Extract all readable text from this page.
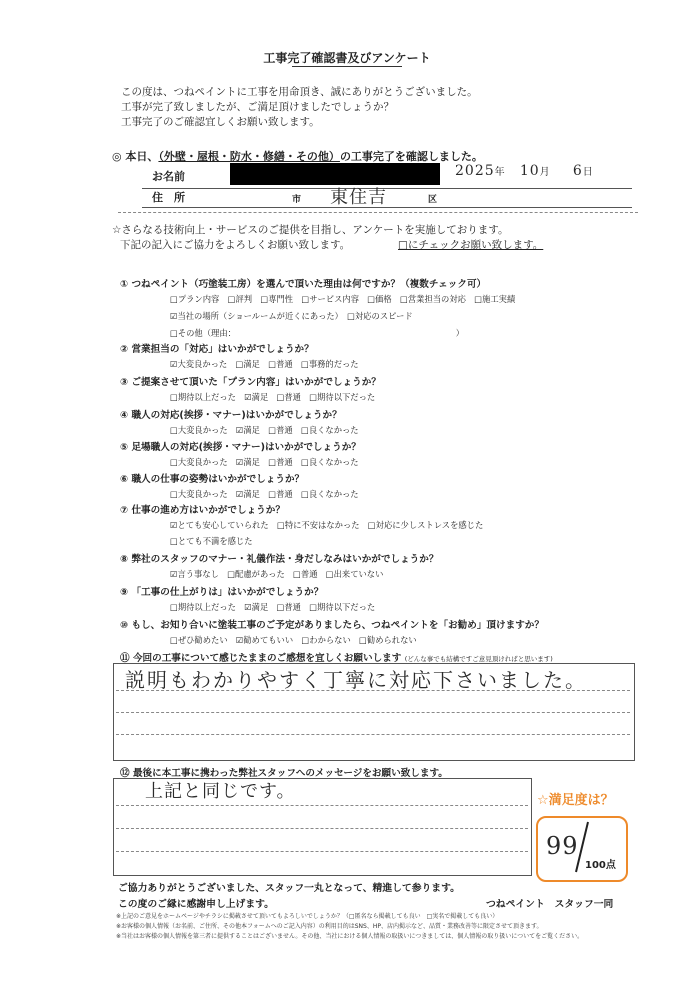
工事完了確認書及びアンケート
この度は、つねペイントに工事を用命頂き、誠にありがとうございました。
工事が完了致しましたが、ご満足頂けましたでしょうか？
工事完了のご確認宜しくお願い致します。
◎ 本日、（外壁・屋根・防水・修繕・その他）の工事完了を確認しました。
お名前
住　所	市 東住吉	区
2025年 10月 6日
☆さらなる技術向上・サービスのご提供を目指し、アンケートを実施しております。
下記の記入にご協力をよろしくお願い致します。	□にチェックお願い致します。
① つねペイント（巧塗装工房）を選んで頂いた理由は何ですか？（複数チェック可）
□プラン内容　□評判　□専門性　□サービス内容　□価格　□営業担当の対応　□施工実績
☑当社の場所（ショールームが近くにあった）　□対応のスピード
□その他（理由：　　　　　　　　　　　　　　　　　　　　　　　　　　　）
② 営業担当の「対応」はいかがでしょうか？
☑大変良かった　□満足　□普通　□事務的だった
③ ご提案させて頂いた「プラン内容」はいかがでしょうか？
□期待以上だった　☑満足　□普通　□期待以下だった
④ 職人の対応(挨拶・マナー)はいかがでしょうか？
□大変良かった　☑満足　□普通　□良くなかった
⑤ 足場職人の対応(挨拶・マナー)はいかがでしょうか？
□大変良かった　☑満足　□普通　□良くなかった
⑥ 職人の仕事の姿勢はいかがでしょうか？
□大変良かった　☑満足　□普通　□良くなかった
⑦ 仕事の進め方はいかがでしょうか？
☑とても安心していられた　□特に不安はなかった　□対応に少しストレスを感じた
□とても不満を感じた
⑧ 弊社のスタッフのマナー・礼儀作法・身だしなみはいかがでしょうか？
☑言う事なし　□配慮があった　□普通　□出来ていない
⑨ 「工事の仕上がりは」はいかがでしょうか？
□期待以上だった　☑満足　□普通　□期待以下だった
⑩ もし、お知り合いに塗装工事のご予定がありましたら、つねペイントを「お勧め」頂けますか？
□ぜひ勧めたい　☑勧めてもいい　□わからない　□勧められない
⑪ 今回の工事について感じたままのご感想を宜しくお願いします (どんな事でも結構ですご意見頂ければと思います)
説明もわかりやすく丁寧に対応下さいました。
⑫ 最後に本工事に携わった弊社スタッフへのメッセージをお願い致します。
上記と同じです。	☆満足度は？
99
100点
ご協力ありがとうございました、スタッフ一丸となって、精進して参ります。
この度のご縁に感謝申し上げます。	つねペイント　スタッフ一同
※上記のご意見をホームページやチラシに掲載させて頂いてもよろしいでしょうか？（□匿名なら掲載しても良い　□実名で掲載しても良い）
※お客様の個人情報（お名前、ご住所、その他本フォームへのご記入内容）の利用目的はSNS、HP、店内掲示など、品質・業務改善等に限定させて頂きます。
※当社はお客様の個人情報を第三者に提供することはございません。その他、当社における個人情報の取扱いにつきましては、個人情報の取り扱いについてをご覧ください。
